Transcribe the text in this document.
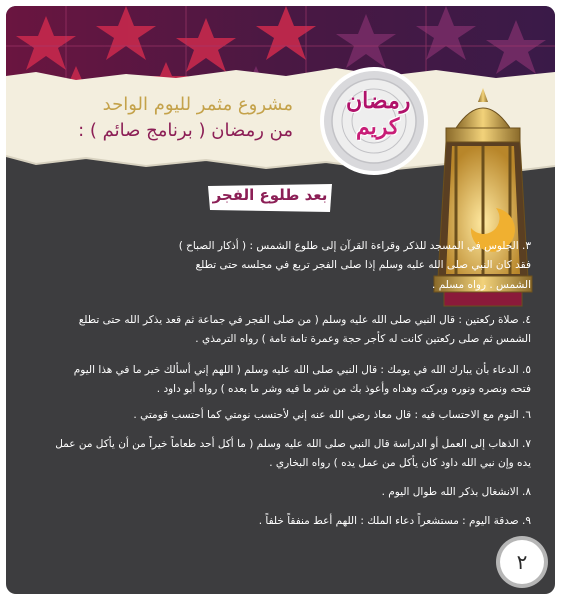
رمضان
كريم
مشروع مثمر لليوم الواحد
من رمضان ( برنامج صائم ) :
بعد طلوع الفجر
٣. الجلوس في المسجد للذكر وقراءة القرآن إلى طلوع الشمس : ( أذكار الصباح )
فقد كان النبي صلى الله عليه وسلم إذا صلى الفجر تربع في مجلسه حتى تطلع
الشمس . رواه مسلم .
٤. صلاة ركعتين : قال النبي صلى الله عليه وسلم ( من صلى الفجر في جماعة ثم قعد يذكر الله حتى تطلع
الشمس ثم صلى ركعتين كانت له كأجر حجة وعمرة تامة تامة ) رواه الترمذي .
٥. الدعاء بأن يبارك الله في يومك : قال النبي صلى الله عليه وسلم ( اللهم إني أسألك خير ما في هذا اليوم
فتحه ونصره ونوره وبركته وهداه وأعوذ بك من شر ما فيه وشر ما بعده ) رواه أبو داود .
٦. النوم مع الاحتساب فيه : قال معاذ رضي الله عنه إني لأحتسب نومتي كما أحتسب قومتي .
٧. الذهاب إلى العمل أو الدراسة قال النبي صلى الله عليه وسلم ( ما أكل أحد طعاماً خيراً من أن يأكل من عمل
يده وإن نبي الله داود كان يأكل من عمل يده ) رواه البخاري .
٨. الانشغال بذكر الله طوال اليوم .
٩. صدقة اليوم : مستشعراً دعاء الملك : اللهم أعط منفقاً خلفاً .
٢
